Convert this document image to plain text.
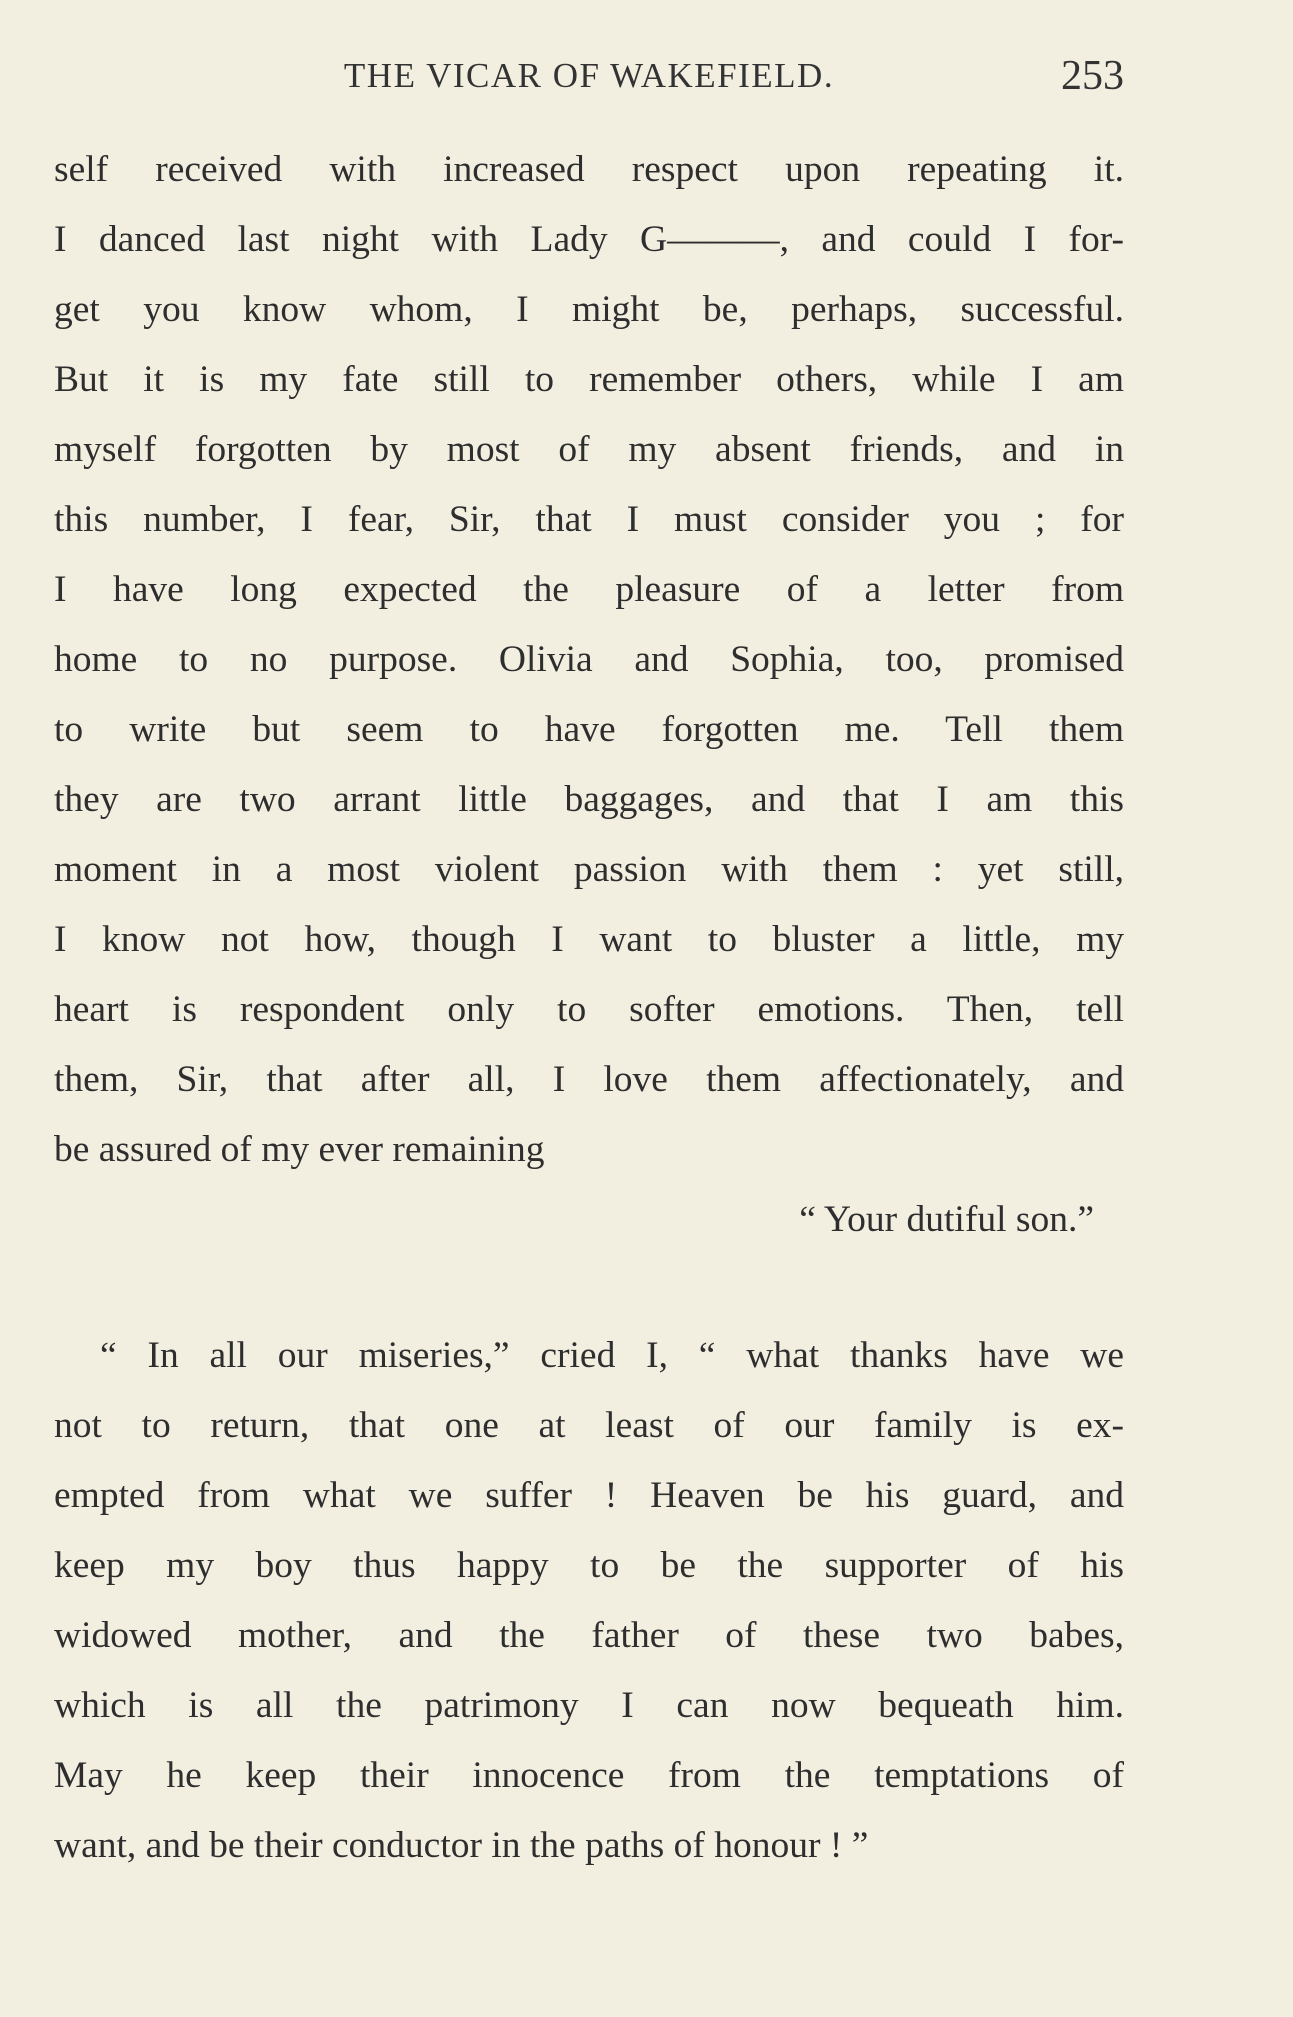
THE VICAR OF WAKEFIELD.	253
self received with increased respect upon repeating it.
I danced last night with Lady G———, and could I for-
get you know whom, I might be, perhaps, successful.
But it is my fate still to remember others, while I am
myself forgotten by most of my absent friends, and in
this number, I fear, Sir, that I must consider you ; for
I have long expected the pleasure of a letter from
home to no purpose. Olivia and Sophia, too, promised
to write but seem to have forgotten me. Tell them
they are two arrant little baggages, and that I am this
moment in a most violent passion with them : yet still,
I know not how, though I want to bluster a little, my
heart is respondent only to softer emotions. Then, tell
them, Sir, that after all, I love them affectionately, and
be assured of my ever remaining
“ Your dutiful son.”
“ In all our miseries,” cried I, “ what thanks have we
not to return, that one at least of our family is ex-
empted from what we suffer ! Heaven be his guard, and
keep my boy thus happy to be the supporter of his
widowed mother, and the father of these two babes,
which is all the patrimony I can now bequeath him.
May he keep their innocence from the temptations of
want, and be their conductor in the paths of honour ! ”
